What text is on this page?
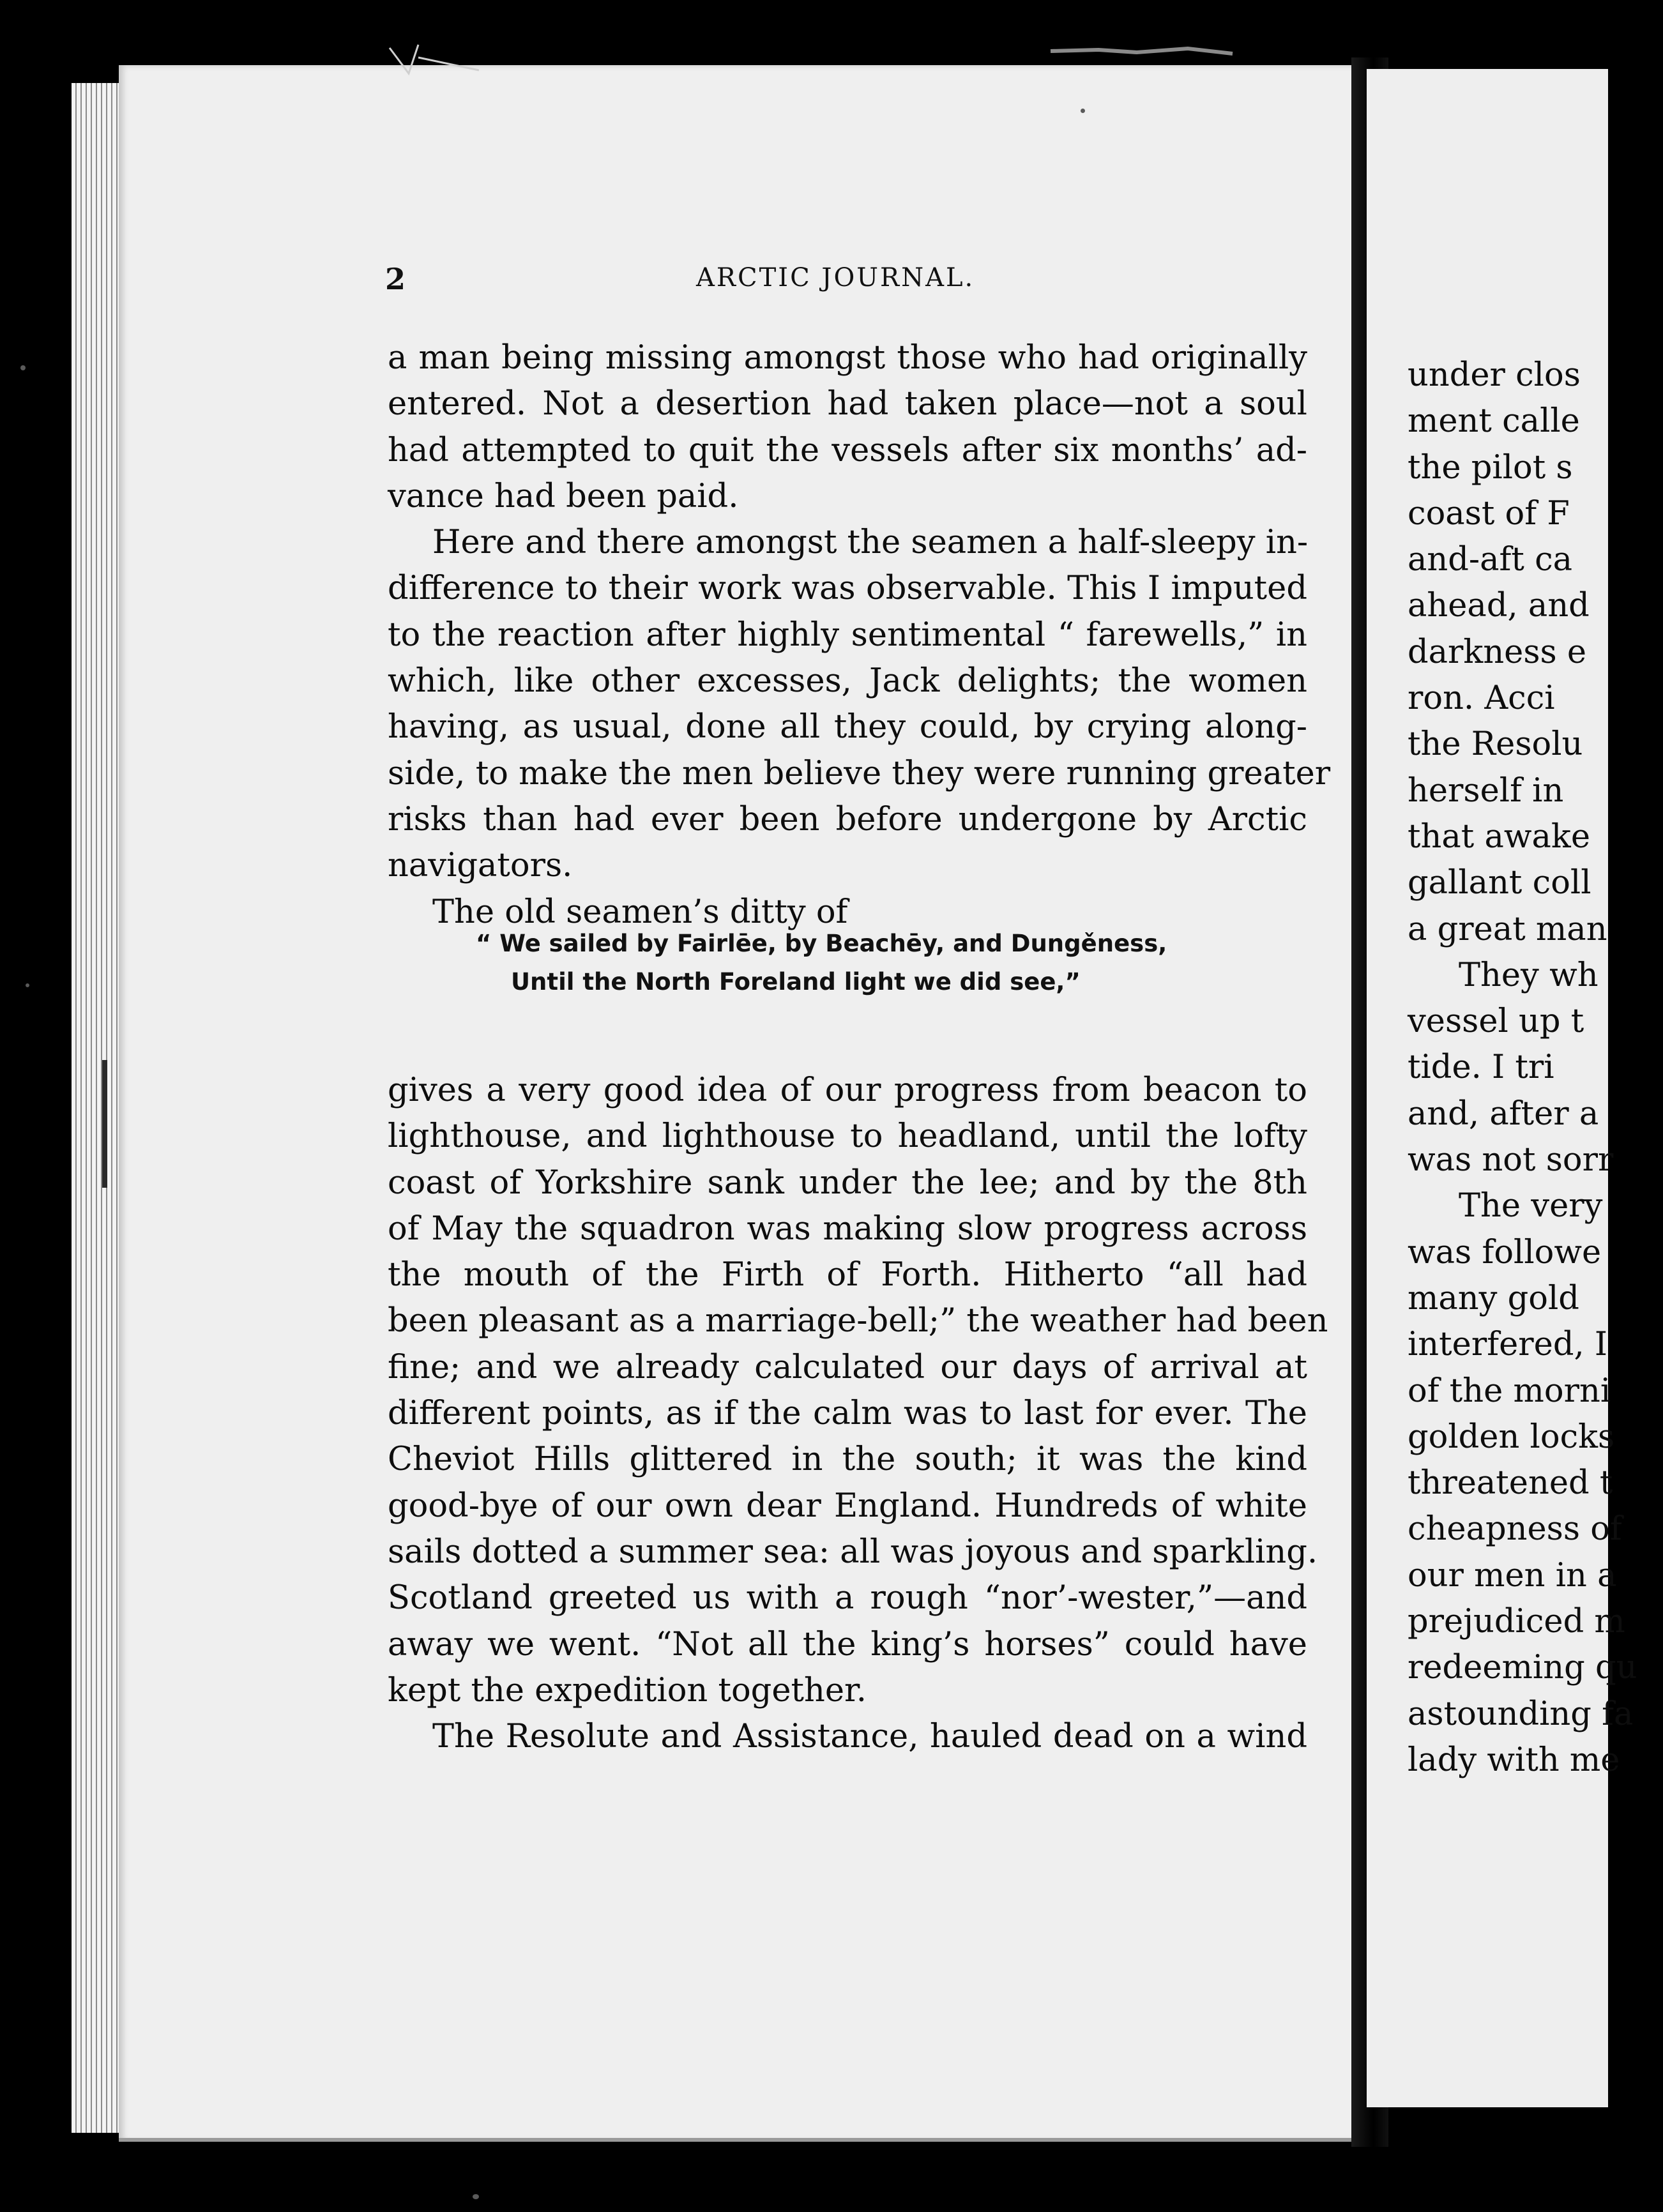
2	ARCTIC JOURNAL.
a man being missing amongst those who had originally
entered. Not a desertion had taken place—not a soul
had attempted to quit the vessels after six months’ ad-
vance had been paid.
Here and there amongst the seamen a half-sleepy in-
difference to their work was observable. This I imputed
to the reaction after highly sentimental “ farewells,” in
which, like other excesses, Jack delights; the women
having, as usual, done all they could, by crying along-
side, to make the men believe they were running greater
risks than had ever been before undergone by Arctic
navigators.
The old seamen’s ditty of
“ We sailed by Fairlēe, by Beachēy, and Dungěness,
Until the North Foreland light we did see,”
gives a very good idea of our progress from beacon to
lighthouse, and lighthouse to headland, until the lofty
coast of Yorkshire sank under the lee; and by the 8th
of May the squadron was making slow progress across
the mouth of the Firth of Forth. Hitherto “all had
been pleasant as a marriage-bell;” the weather had been
fine; and we already calculated our days of arrival at
different points, as if the calm was to last for ever. The
Cheviot Hills glittered in the south; it was the kind
good-bye of our own dear England. Hundreds of white
sails dotted a summer sea: all was joyous and sparkling.
Scotland greeted us with a rough “nor’-wester,”—and
away we went. “Not all the king’s horses” could have
kept the expedition together.
The Resolute and Assistance, hauled dead on a wind
under clos
ment calle
the pilot s
coast of F
and-aft ca
ahead, and
darkness e
ron. Acci
the Resolu
herself in
that awake
gallant coll
a great man
They wh
vessel up t
tide. I tri
and, after a
was not sorr
The very
was followe
many gold
interfered, I
of the morni
golden locks
threatened t
cheapness of
our men in a
prejudiced m
redeeming qu
astounding fa
lady with me
